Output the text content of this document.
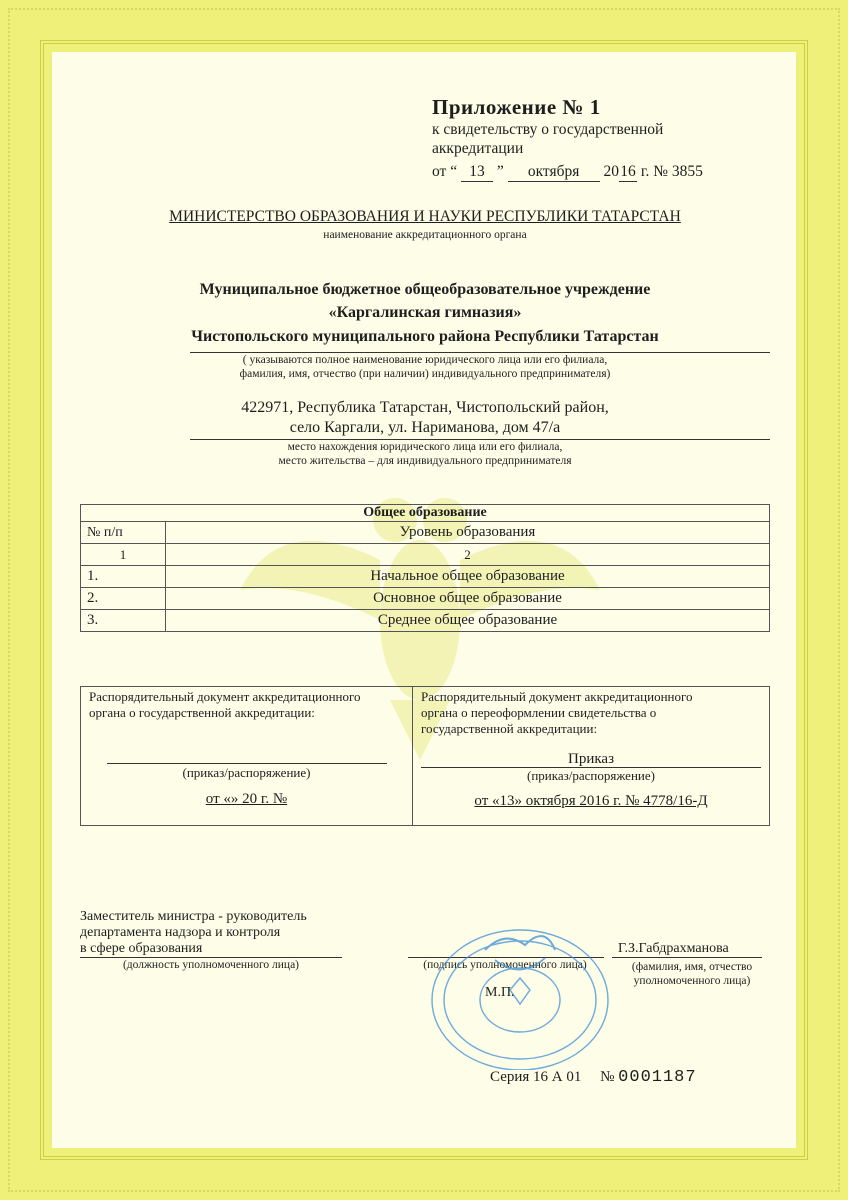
Приложение № 1
к свидетельству о государственной
аккредитации
от “ 13 ” октября 2016 г. № 3855
МИНИСТЕРСТВО ОБРАЗОВАНИЯ И НАУКИ РЕСПУБЛИКИ ТАТАРСТАН
наименование аккредитационного органа
Муниципальное бюджетное общеобразовательное учреждение
«Каргалинская гимназия»
Чистопольского муниципального района Республики Татарстан
( указываются полное наименование юридического лица или его филиала,
фамилия, имя, отчество (при наличии) индивидуального предпринимателя)
422971, Республика Татарстан, Чистопольский район,
село Каргали, ул. Нариманова, дом 47/а
место нахождения юридического лица или его филиала,
место жительства – для индивидуального предпринимателя
Общее образование	
№ п/п	Уровень образования
1	2
1.	Начальное общее образование
2.	Основное общее образование
3.	Среднее общее образование
Распорядительный документ аккредитационного
органа о государственной аккредитации:
(приказ/распоряжение)
от «» 20 г. №
Распорядительный документ аккредитационного
органа о переоформлении свидетельства о
государственной аккредитации:
Приказ
(приказ/распоряжение)
от «13» октября 2016 г. № 4778/16-Д
Заместитель министра - руководитель
департамента надзора и контроля
в сфере образования
(должность уполномоченного лица)	(подпись уполномоченного лица)
Г.З.Габдрахманова
(фамилия, имя, отчество
уполномоченного лица)
М.П.
Серия 16 А 01 № 0001187
